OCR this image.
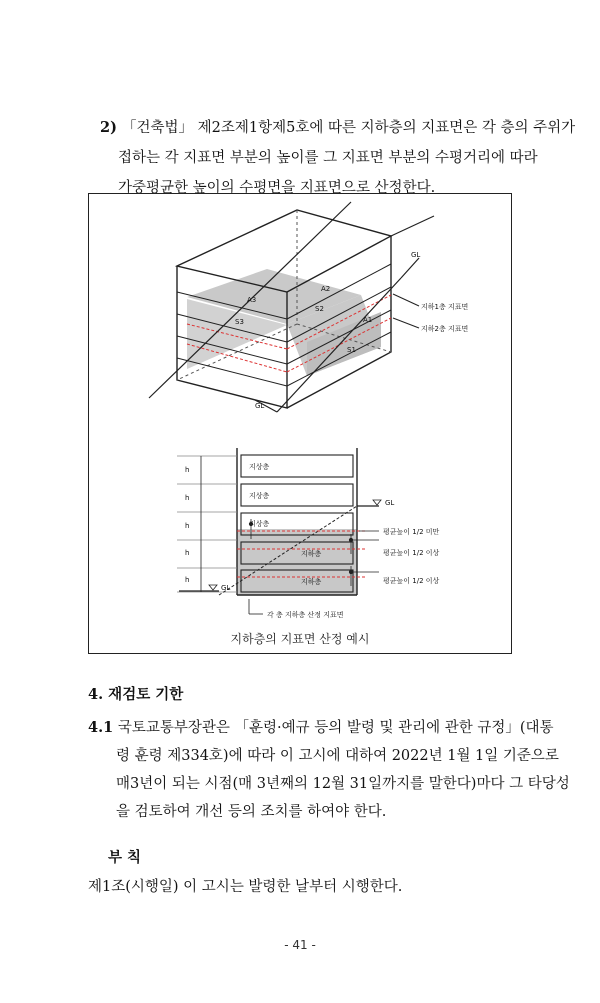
2) 「건축법」 제2조제1항제5호에 따른 지하층의 지표면은 각 층의 주위가
접하는 각 지표면 부분의 높이를 그 지표면 부분의 수평거리에 따라
가중평균한 높이의 수평면을 지표면으로 산정한다.
A3
A2
S2
S3	A1
S1
GL
GL
지하1층 지표면
지하2층 지표면
h
h
h
h
h
지상층
지상층
지상층
지하층
지하층
GL
GL
평균높이 1/2 미만
평균높이 1/2 이상
평균높이 1/2 이상
각 층 지하층 산정 지표면
지하층의 지표면 산정 예시
4. 재검토 기한
4.1 국토교통부장관은 「훈령·예규 등의 발령 및 관리에 관한 규정」(대통
령 훈령 제334호)에 따라 이 고시에 대하여 2022년 1월 1일 기준으로
매3년이 되는 시점(매 3년째의 12월 31일까지를 말한다)마다 그 타당성
을 검토하여 개선 등의 조치를 하여야 한다.
부 칙
제1조(시행일) 이 고시는 발령한 날부터 시행한다.
- 41 -
